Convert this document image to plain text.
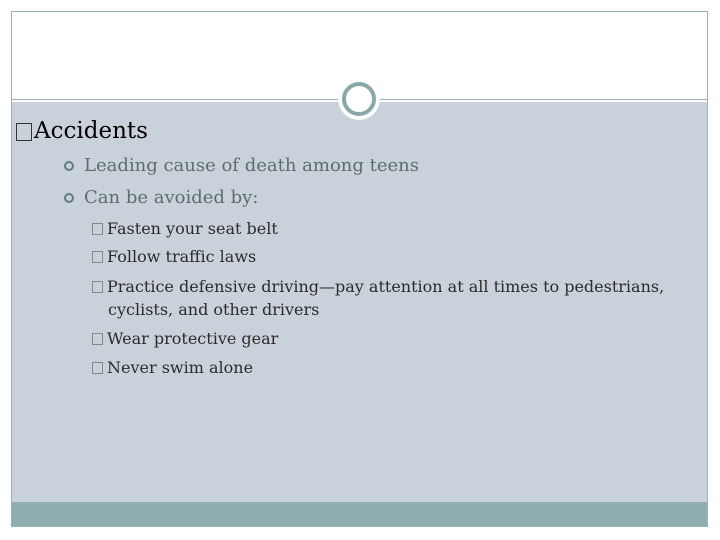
Accidents
Leading cause of death among teens
Can be avoided by:
Fasten your seat belt
Follow traffic laws
Practice defensive driving—pay attention at all times to pedestrians, cyclists, and other drivers
Wear protective gear
Never swim alone
